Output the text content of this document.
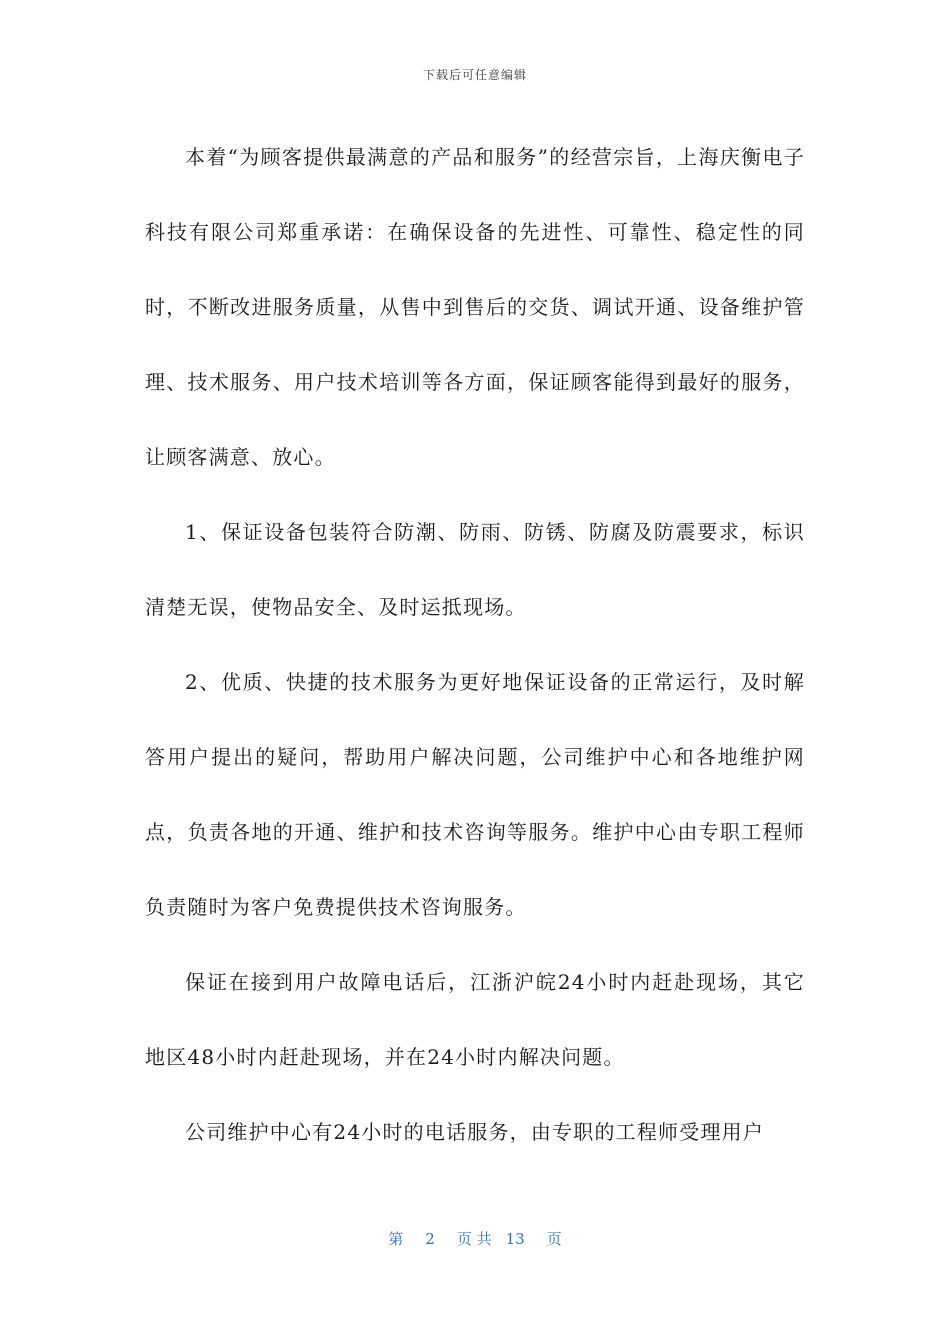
下载后可任意编辑

本着“为顾客提供最满意的产品和服务”的经营宗旨，上海庆衡电子科技有限公司郑重承诺：在确保设备的先进性、可靠性、稳定性的同时，不断改进服务质量，从售中到售后的交货、调试开通、设备维护管理、技术服务、用户技术培训等各方面，保证顾客能得到最好的服务，让顾客满意、放心。

1、保证设备包装符合防潮、防雨、防锈、防腐及防震要求，标识清楚无误，使物品安全、及时运抵现场。

2、优质、快捷的技术服务为更好地保证设备的正常运行，及时解答用户提出的疑问，帮助用户解决问题，公司维护中心和各地维护网点，负责各地的开通、维护和技术咨询等服务。维护中心由专职工程师负责随时为客户免费提供技术咨询服务。

保证在接到用户故障电话后，江浙沪皖24小时内赶赴现场，其它地区48小时内赶赴现场，并在24小时内解决问题。

公司维护中心有24小时的电话服务，由专职的工程师受理用户

第 2 页 共 13 页
